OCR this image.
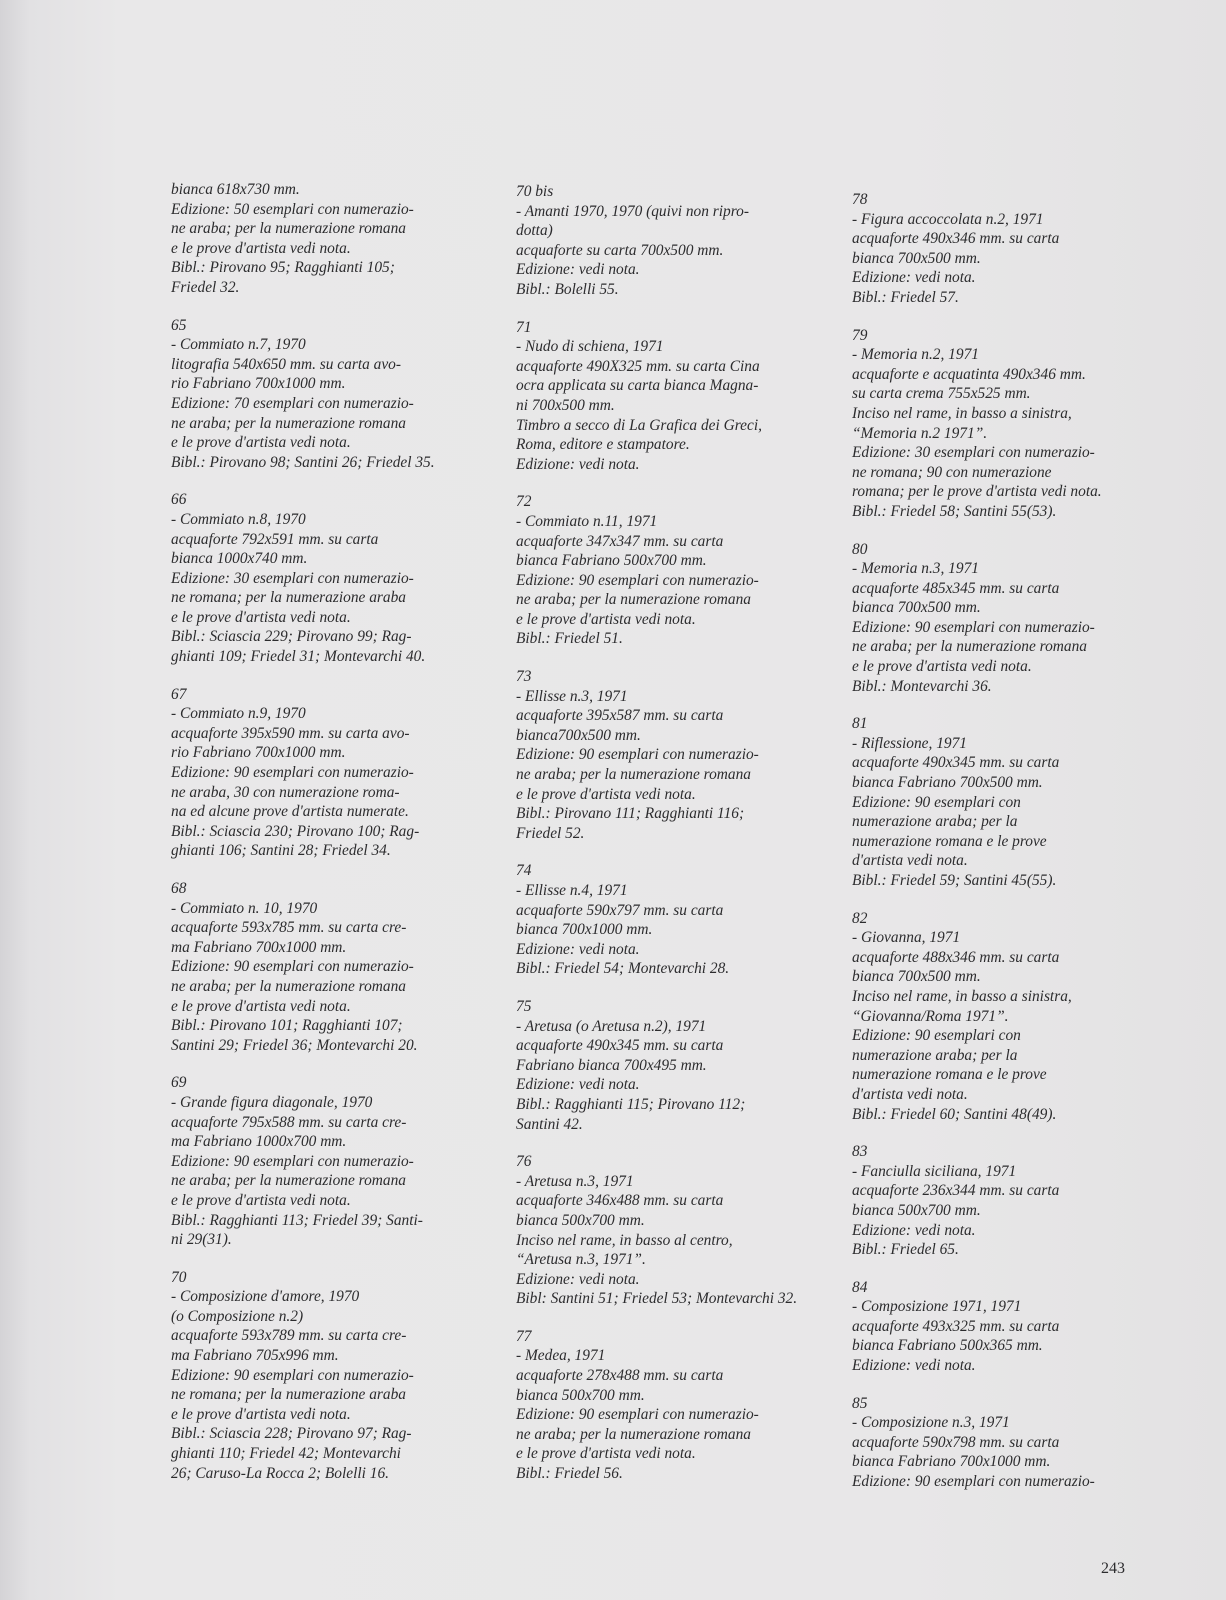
bianca 618x730 mm.
Edizione: 50 esemplari con numerazio-
ne araba; per la numerazione romana
e le prove d'artista vedi nota.
Bibl.: Pirovano 95; Ragghianti 105;
Friedel 32.
65
- Commiato n.7, 1970
litografia 540x650 mm. su carta avo-
rio Fabriano 700x1000 mm.
Edizione: 70 esemplari con numerazio-
ne araba; per la numerazione romana
e le prove d'artista vedi nota.
Bibl.: Pirovano 98; Santini 26; Friedel 35.
66
- Commiato n.8, 1970
acquaforte 792x591 mm. su carta
bianca 1000x740 mm.
Edizione: 30 esemplari con numerazio-
ne romana; per la numerazione araba
e le prove d'artista vedi nota.
Bibl.: Sciascia 229; Pirovano 99; Rag-
ghianti 109; Friedel 31; Montevarchi 40.
67
- Commiato n.9, 1970
acquaforte 395x590 mm. su carta avo-
rio Fabriano 700x1000 mm.
Edizione: 90 esemplari con numerazio-
ne araba, 30 con numerazione roma-
na ed alcune prove d'artista numerate.
Bibl.: Sciascia 230; Pirovano 100; Rag-
ghianti 106; Santini 28; Friedel 34.
68
- Commiato n. 10, 1970
acquaforte 593x785 mm. su carta cre-
ma Fabriano 700x1000 mm.
Edizione: 90 esemplari con numerazio-
ne araba; per la numerazione romana
e le prove d'artista vedi nota.
Bibl.: Pirovano 101; Ragghianti 107;
Santini 29; Friedel 36; Montevarchi 20.
69
- Grande figura diagonale, 1970
acquaforte 795x588 mm. su carta cre-
ma Fabriano 1000x700 mm.
Edizione: 90 esemplari con numerazio-
ne araba; per la numerazione romana
e le prove d'artista vedi nota.
Bibl.: Ragghianti 113; Friedel 39; Santi-
ni 29(31).
70
- Composizione d'amore, 1970
(o Composizione n.2)
acquaforte 593x789 mm. su carta cre-
ma Fabriano 705x996 mm.
Edizione: 90 esemplari con numerazio-
ne romana; per la numerazione araba
e le prove d'artista vedi nota.
Bibl.: Sciascia 228; Pirovano 97; Rag-
ghianti 110; Friedel 42; Montevarchi
26; Caruso-La Rocca 2; Bolelli 16.
70 bis
- Amanti 1970, 1970 (quivi non ripro-
dotta)
acquaforte su carta 700x500 mm.
Edizione: vedi nota.
Bibl.: Bolelli 55.
71
- Nudo di schiena, 1971
acquaforte 490X325 mm. su carta Cina
ocra applicata su carta bianca Magna-
ni 700x500 mm.
Timbro a secco di La Grafica dei Greci,
Roma, editore e stampatore.
Edizione: vedi nota.
72
- Commiato n.11, 1971
acquaforte 347x347 mm. su carta
bianca Fabriano 500x700 mm.
Edizione: 90 esemplari con numerazio-
ne araba; per la numerazione romana
e le prove d'artista vedi nota.
Bibl.: Friedel 51.
73
- Ellisse n.3, 1971
acquaforte 395x587 mm. su carta
bianca700x500 mm.
Edizione: 90 esemplari con numerazio-
ne araba; per la numerazione romana
e le prove d'artista vedi nota.
Bibl.: Pirovano 111; Ragghianti 116;
Friedel 52.
74
- Ellisse n.4, 1971
acquaforte 590x797 mm. su carta
bianca 700x1000 mm.
Edizione: vedi nota.
Bibl.: Friedel 54; Montevarchi 28.
75
- Aretusa (o Aretusa n.2), 1971
acquaforte 490x345 mm. su carta
Fabriano bianca 700x495 mm.
Edizione: vedi nota.
Bibl.: Ragghianti 115; Pirovano 112;
Santini 42.
76
- Aretusa n.3, 1971
acquaforte 346x488 mm. su carta
bianca 500x700 mm.
Inciso nel rame, in basso al centro,
“Aretusa n.3, 1971”.
Edizione: vedi nota.
Bibl: Santini 51; Friedel 53; Montevarchi 32.
77
- Medea, 1971
acquaforte 278x488 mm. su carta
bianca 500x700 mm.
Edizione: 90 esemplari con numerazio-
ne araba; per la numerazione romana
e le prove d'artista vedi nota.
Bibl.: Friedel 56.
78
- Figura accoccolata n.2, 1971
acquaforte 490x346 mm. su carta
bianca 700x500 mm.
Edizione: vedi nota.
Bibl.: Friedel 57.
79
- Memoria n.2, 1971
acquaforte e acquatinta 490x346 mm.
su carta crema 755x525 mm.
Inciso nel rame, in basso a sinistra,
“Memoria n.2 1971”.
Edizione: 30 esemplari con numerazio-
ne romana; 90 con numerazione
romana; per le prove d'artista vedi nota.
Bibl.: Friedel 58; Santini 55(53).
80
- Memoria n.3, 1971
acquaforte 485x345 mm. su carta
bianca 700x500 mm.
Edizione: 90 esemplari con numerazio-
ne araba; per la numerazione romana
e le prove d'artista vedi nota.
Bibl.: Montevarchi 36.
81
- Riflessione, 1971
acquaforte 490x345 mm. su carta
bianca Fabriano 700x500 mm.
Edizione: 90 esemplari con
numerazione araba; per la
numerazione romana e le prove
d'artista vedi nota.
Bibl.: Friedel 59; Santini 45(55).
82
- Giovanna, 1971
acquaforte 488x346 mm. su carta
bianca 700x500 mm.
Inciso nel rame, in basso a sinistra,
“Giovanna/Roma 1971”.
Edizione: 90 esemplari con
numerazione araba; per la
numerazione romana e le prove
d'artista vedi nota.
Bibl.: Friedel 60; Santini 48(49).
83
- Fanciulla siciliana, 1971
acquaforte 236x344 mm. su carta
bianca 500x700 mm.
Edizione: vedi nota.
Bibl.: Friedel 65.
84
- Composizione 1971, 1971
acquaforte 493x325 mm. su carta
bianca Fabriano 500x365 mm.
Edizione: vedi nota.
85
- Composizione n.3, 1971
acquaforte 590x798 mm. su carta
bianca Fabriano 700x1000 mm.
Edizione: 90 esemplari con numerazio-
243
